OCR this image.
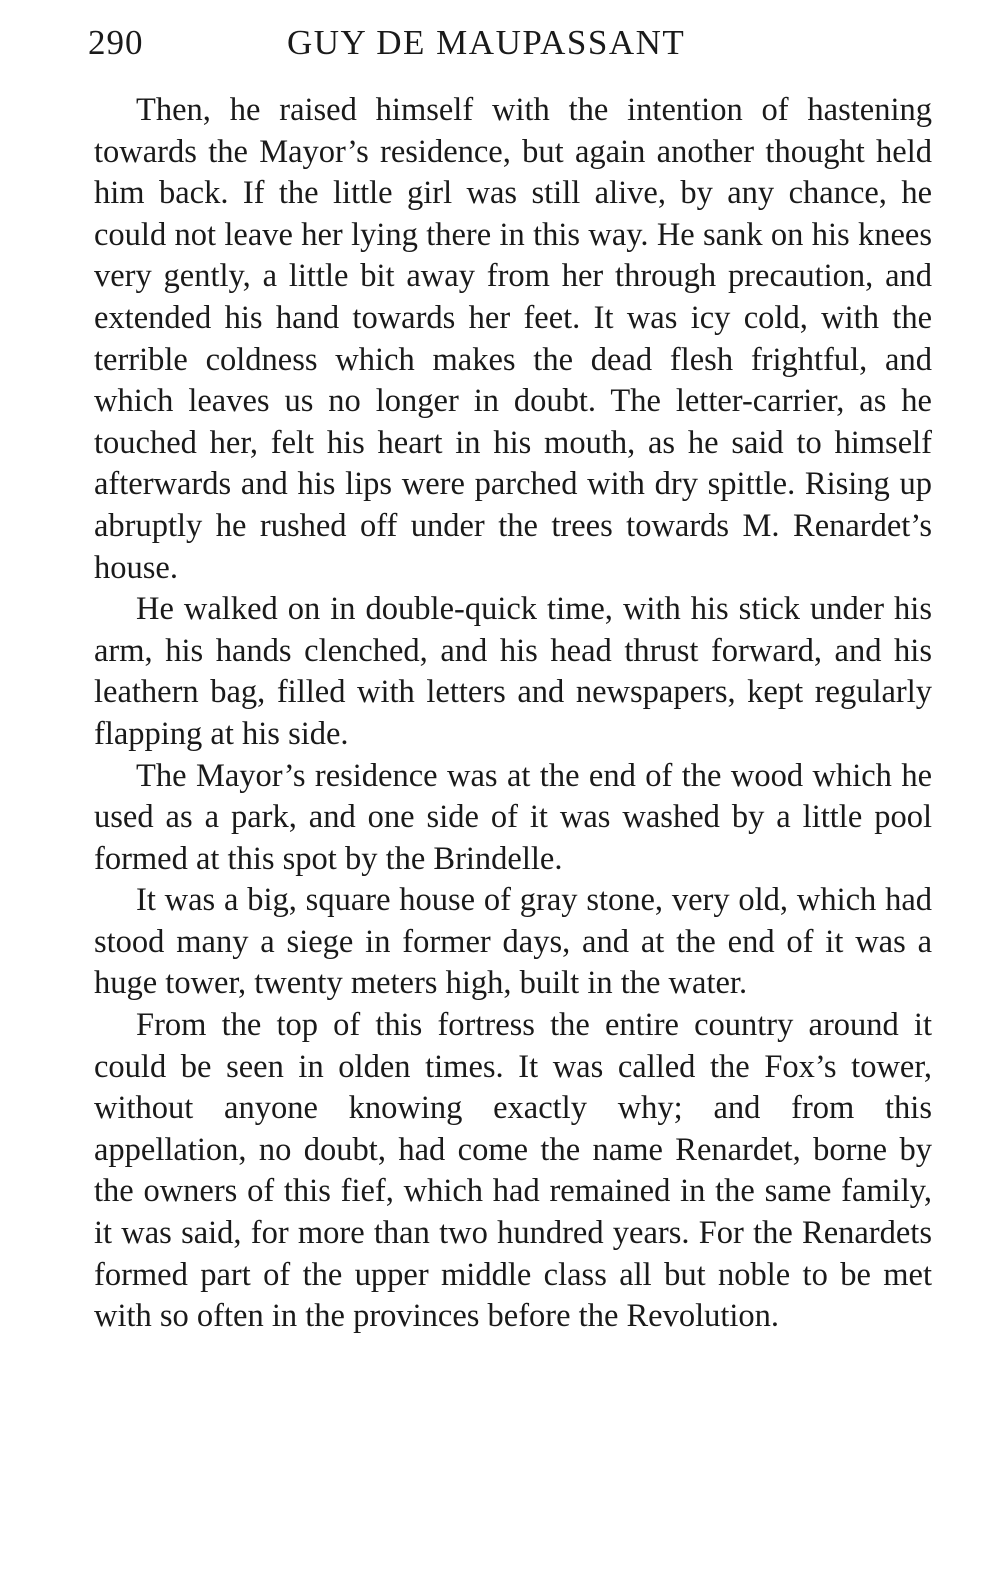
290	GUY DE MAUPASSANT

Then, he raised himself with the intention of hastening towards the Mayor’s residence, but again another thought held him back. If the little girl was still alive, by any chance, he could not leave her lying there in this way. He sank on his knees very gently, a little bit away from her through precaution, and extended his hand towards her feet. It was icy cold, with the terrible coldness which makes the dead flesh frightful, and which leaves us no longer in doubt. The letter-carrier, as he touched her, felt his heart in his mouth, as he said to himself afterwards and his lips were parched with dry spittle. Rising up abruptly he rushed off under the trees towards M. Renardet’s house.

He walked on in double-quick time, with his stick under his arm, his hands clenched, and his head thrust forward, and his leathern bag, filled with letters and newspapers, kept regularly flapping at his side.

The Mayor’s residence was at the end of the wood which he used as a park, and one side of it was washed by a little pool formed at this spot by the Brindelle.

It was a big, square house of gray stone, very old, which had stood many a siege in former days, and at the end of it was a huge tower, twenty meters high, built in the water.

From the top of this fortress the entire country around it could be seen in olden times. It was called the Fox’s tower, without anyone knowing exactly why; and from this appellation, no doubt, had come the name Renardet, borne by the owners of this fief, which had remained in the same family, it was said, for more than two hundred years. For the Renardets formed part of the upper middle class all but noble to be met with so often in the provinces before the Revolution.
